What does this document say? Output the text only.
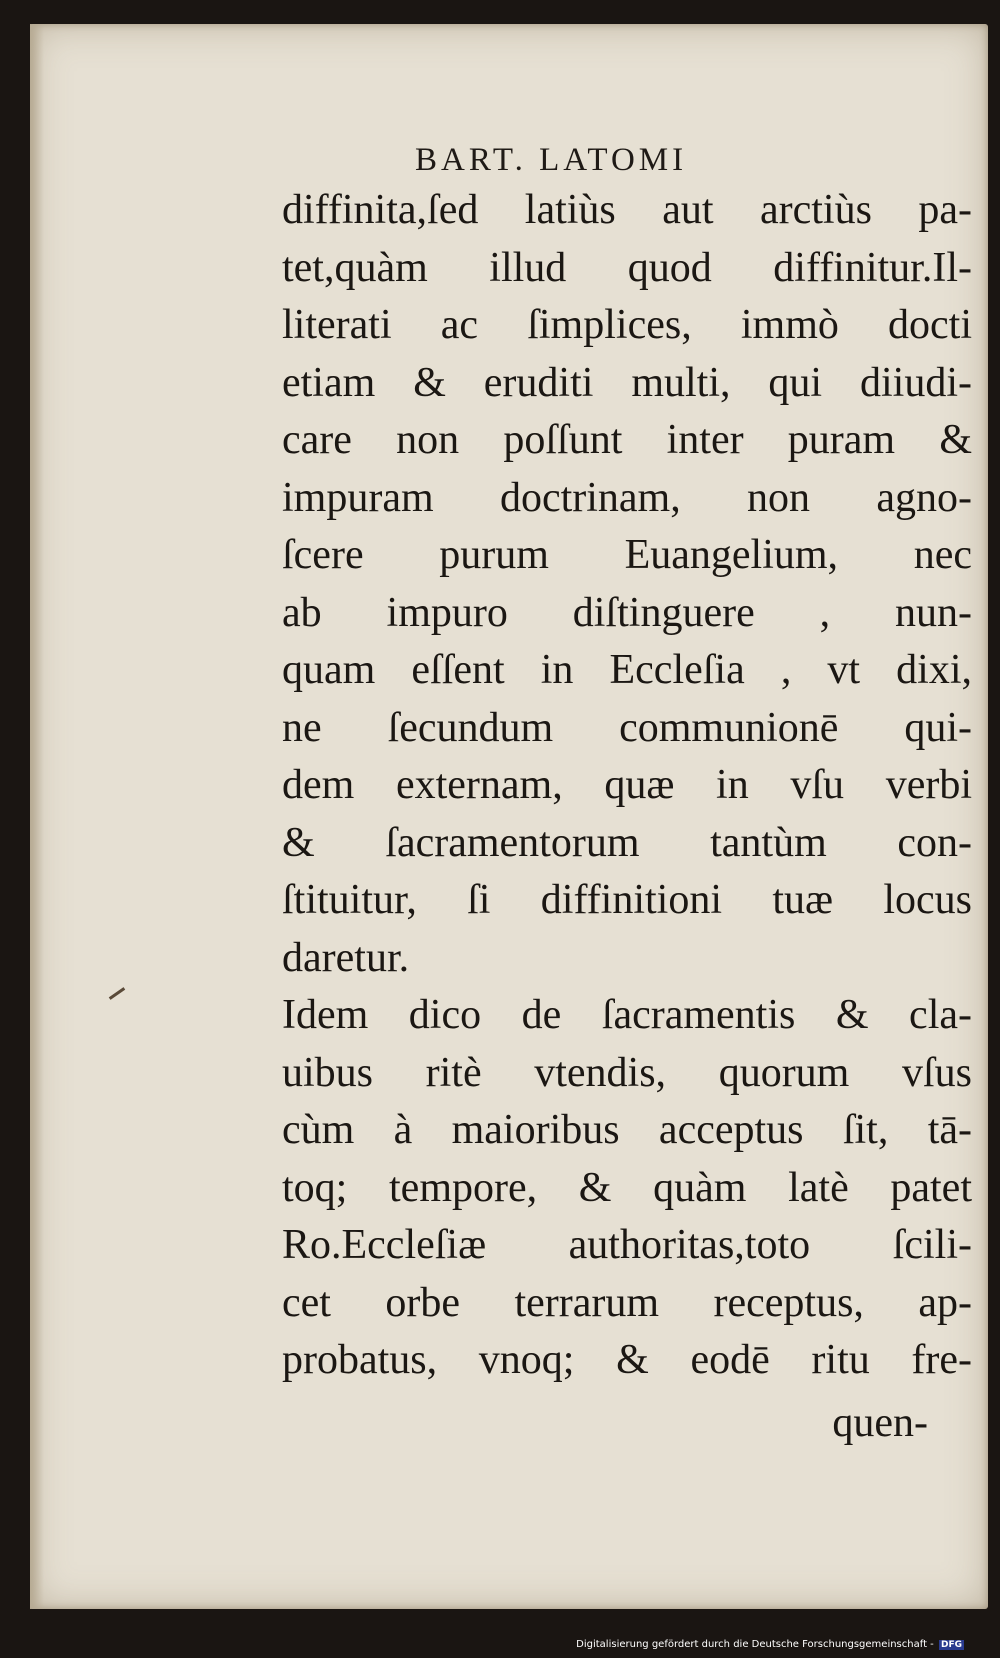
BART. LATOMI
diffinita,ſed latiùs aut arctiùs pa-
tet,quàm illud quod diffinitur.Il-
literati ac ſimplices, immò docti
etiam & eruditi multi, qui diiudi-
care non poſſunt inter puram &
impuram doctrinam, non agno-
ſcere purum Euangelium, nec
ab impuro diſtinguere , nun-
quam eſſent in Eccleſia , vt dixi,
ne ſecundum communionē qui-
dem externam, quæ in vſu verbi
& ſacramentorum tantùm con-
ſtituitur, ſi diffinitioni tuæ locus
daretur.
Idem dico de ſacramentis & cla-
uibus ritè vtendis, quorum vſus
cùm à maioribus acceptus ſit, tā-
toq; tempore, & quàm latè patet
Ro.Eccleſiæ authoritas,toto ſcili-
cet orbe terrarum receptus, ap-
probatus, vnoq; & eodē ritu fre-
quen-
Digitalisierung gefördert durch die Deutsche Forschungsgemeinschaft - DFG
